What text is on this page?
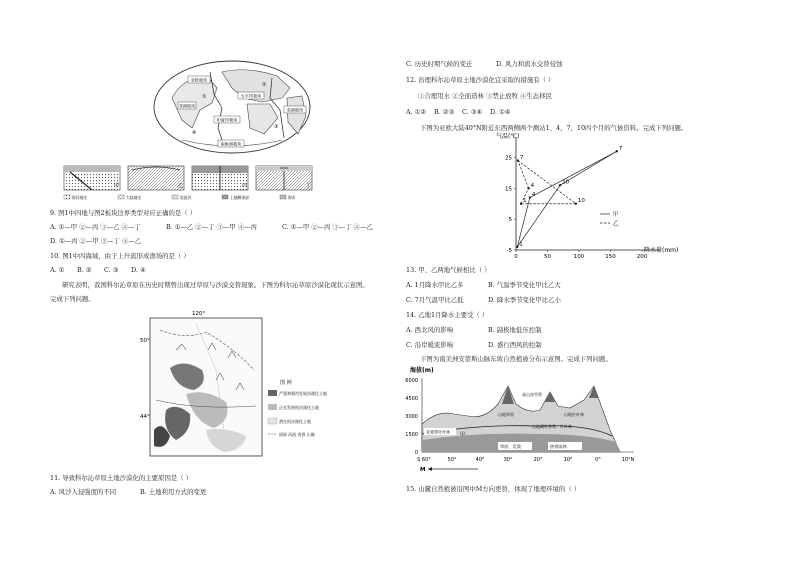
亚欧板块
太平洋板块
印度洋板块
南极洲板块
美洲板块
非洲板块
①
②
③
④
甲	乙	丙	丁
海洋地壳	大陆地壳	软流层	上地幔顶部	海水
9. 图1中四地与图2板块边界类型对应正确的是（ ）
A. ①—甲 ②—丙 ③—乙 ④—丁	B. ①—乙 ②—丁 ③—甲 ④—丙	C. ①—甲 ②—丙 ③—丁 ④—乙
D. ①—丙 ②—甲 ③—丁 ④—乙
10. 图1中四海域，由于上升流形成渔场的是（ ）
A. ① B. ② C. ③ D. ④
研究表明，我国科尔沁草原在历史时期曾出现过草原与沙漠交替现象。下图为科尔沁草原沙漠化现状示意图。
完成下列问题。
50°
44°
120°
图 例
严重和强烈发展沙漠化土地
正在发展的沙漠化土地
潜在的沙漠化土地
国界 河流 省界 山脉
11. 导致科尔沁草原土地沙漠化的主要原因是（ ）
A. 风沙入侵强度的不同	B. 土地利用方式的变更
C. 历史时期气候的变迁	D. 风力和流水交替侵蚀
12. 治理科尔沁草原土地沙漠化宜采取的措施有（ ）
①合理用水 ②全面造林 ③禁止放牧 ④生态移民
A. ①② B. ②③ C. ③④ D. ①④
下图为亚欧大陆40°N附近东西两侧两个测站1、4、7、10四个月的气候资料。完成下列问题。
气温(℃)
降水量(mm)
0	50	100	150	200
-5
5
15
25
1
4
7
10
1
4
7
10
甲
乙
13. 甲、乙两地气候相比（ ）
A. 1月降水甲比乙多	B. 气温季节变化甲比乙大
C. 7月气温甲比乙低	D. 降水季节变化甲比乙小
14. 乙地1月降水主要受（ ）
A. 西北风的影响	B. 副极地低压控制
C. 沿岸暖流影响	D. 盛行西风的控制
下图为南美洲安第斯山脉东坡自然植被分布示意图。完成下列问题。
海拔(m)
6000
4500
3000
1500
0
草原、荒漠	热带雨林
亚寒带针叶林
山地草原
山地阔叶林带、针叶林
山地针叶林
高山冰雪带
甲
S 60°	50°	40°	30°	20°	10°	0°	10°N
M
15. 山麓自然植被沿图中M方向更替，体现了地理环境的（ ）
